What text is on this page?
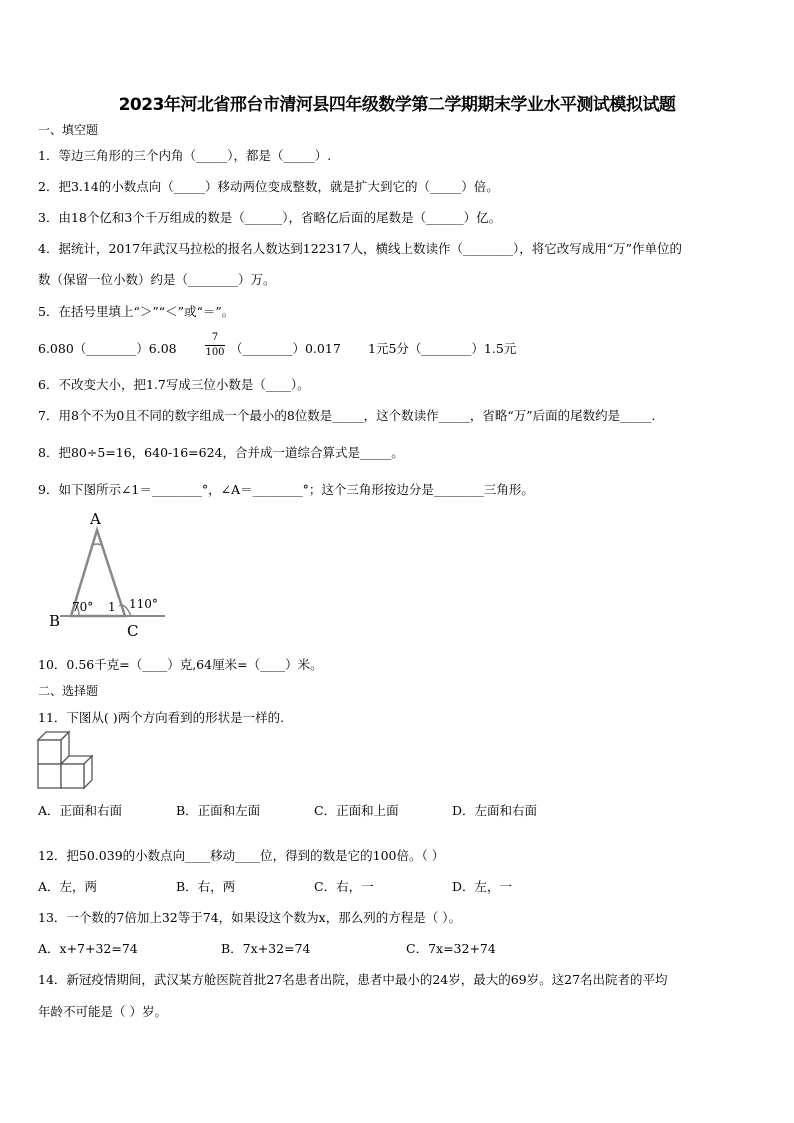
2023年河北省邢台市清河县四年级数学第二学期期末学业水平测试模拟试题
一、填空题
1．等边三角形的三个内角（_____），都是（_____）.
2．把3.14的小数点向（_____）移动两位变成整数，就是扩大到它的（_____）倍。
3．由18个亿和3个千万组成的数是（______），省略亿后面的尾数是（______）亿。
4．据统计，2017年武汉马拉松的报名人数达到122317人，横线上数读作（________），将它改写成用“万”作单位的
数（保留一位小数）约是（________）万。
5．在括号里填上“＞”“＜”或“＝”。
6.080（________）6.08
7
100 （________）0.017 1元5分（________）1.5元
6．不改变大小，把1.7写成三位小数是（____）。
7．用8个不为0且不同的数字组成一个最小的8位数是_____，这个数读作_____，省略“万”后面的尾数约是_____.
8．把80÷5=16，640-16=624，合并成一道综合算式是_____。
9．如下图所示∠1＝________°，∠A＝________°；这个三角形按边分是________三角形。
A
B
C
70° 1 110°
10．0.56千克=（____）克,64厘米=（____）米。
二、选择题
11．下图从( )两个方向看到的形状是一样的.
A．正面和右面	B．正面和左面	C．正面和上面	D．左面和右面
12．把50.039的小数点向____移动____位，得到的数是它的100倍。（ ）
A．左，两	B．右，两	C．右，一	D．左，一
13．一个数的7倍加上32等于74，如果设这个数为x，那么列的方程是（ ）。
A．x+7+32=74	B．7x+32=74	C．7x=32+74
14．新冠疫情期间，武汉某方舱医院首批27名患者出院，患者中最小的24岁，最大的69岁。这27名出院者的平均
年龄不可能是（ ）岁。
